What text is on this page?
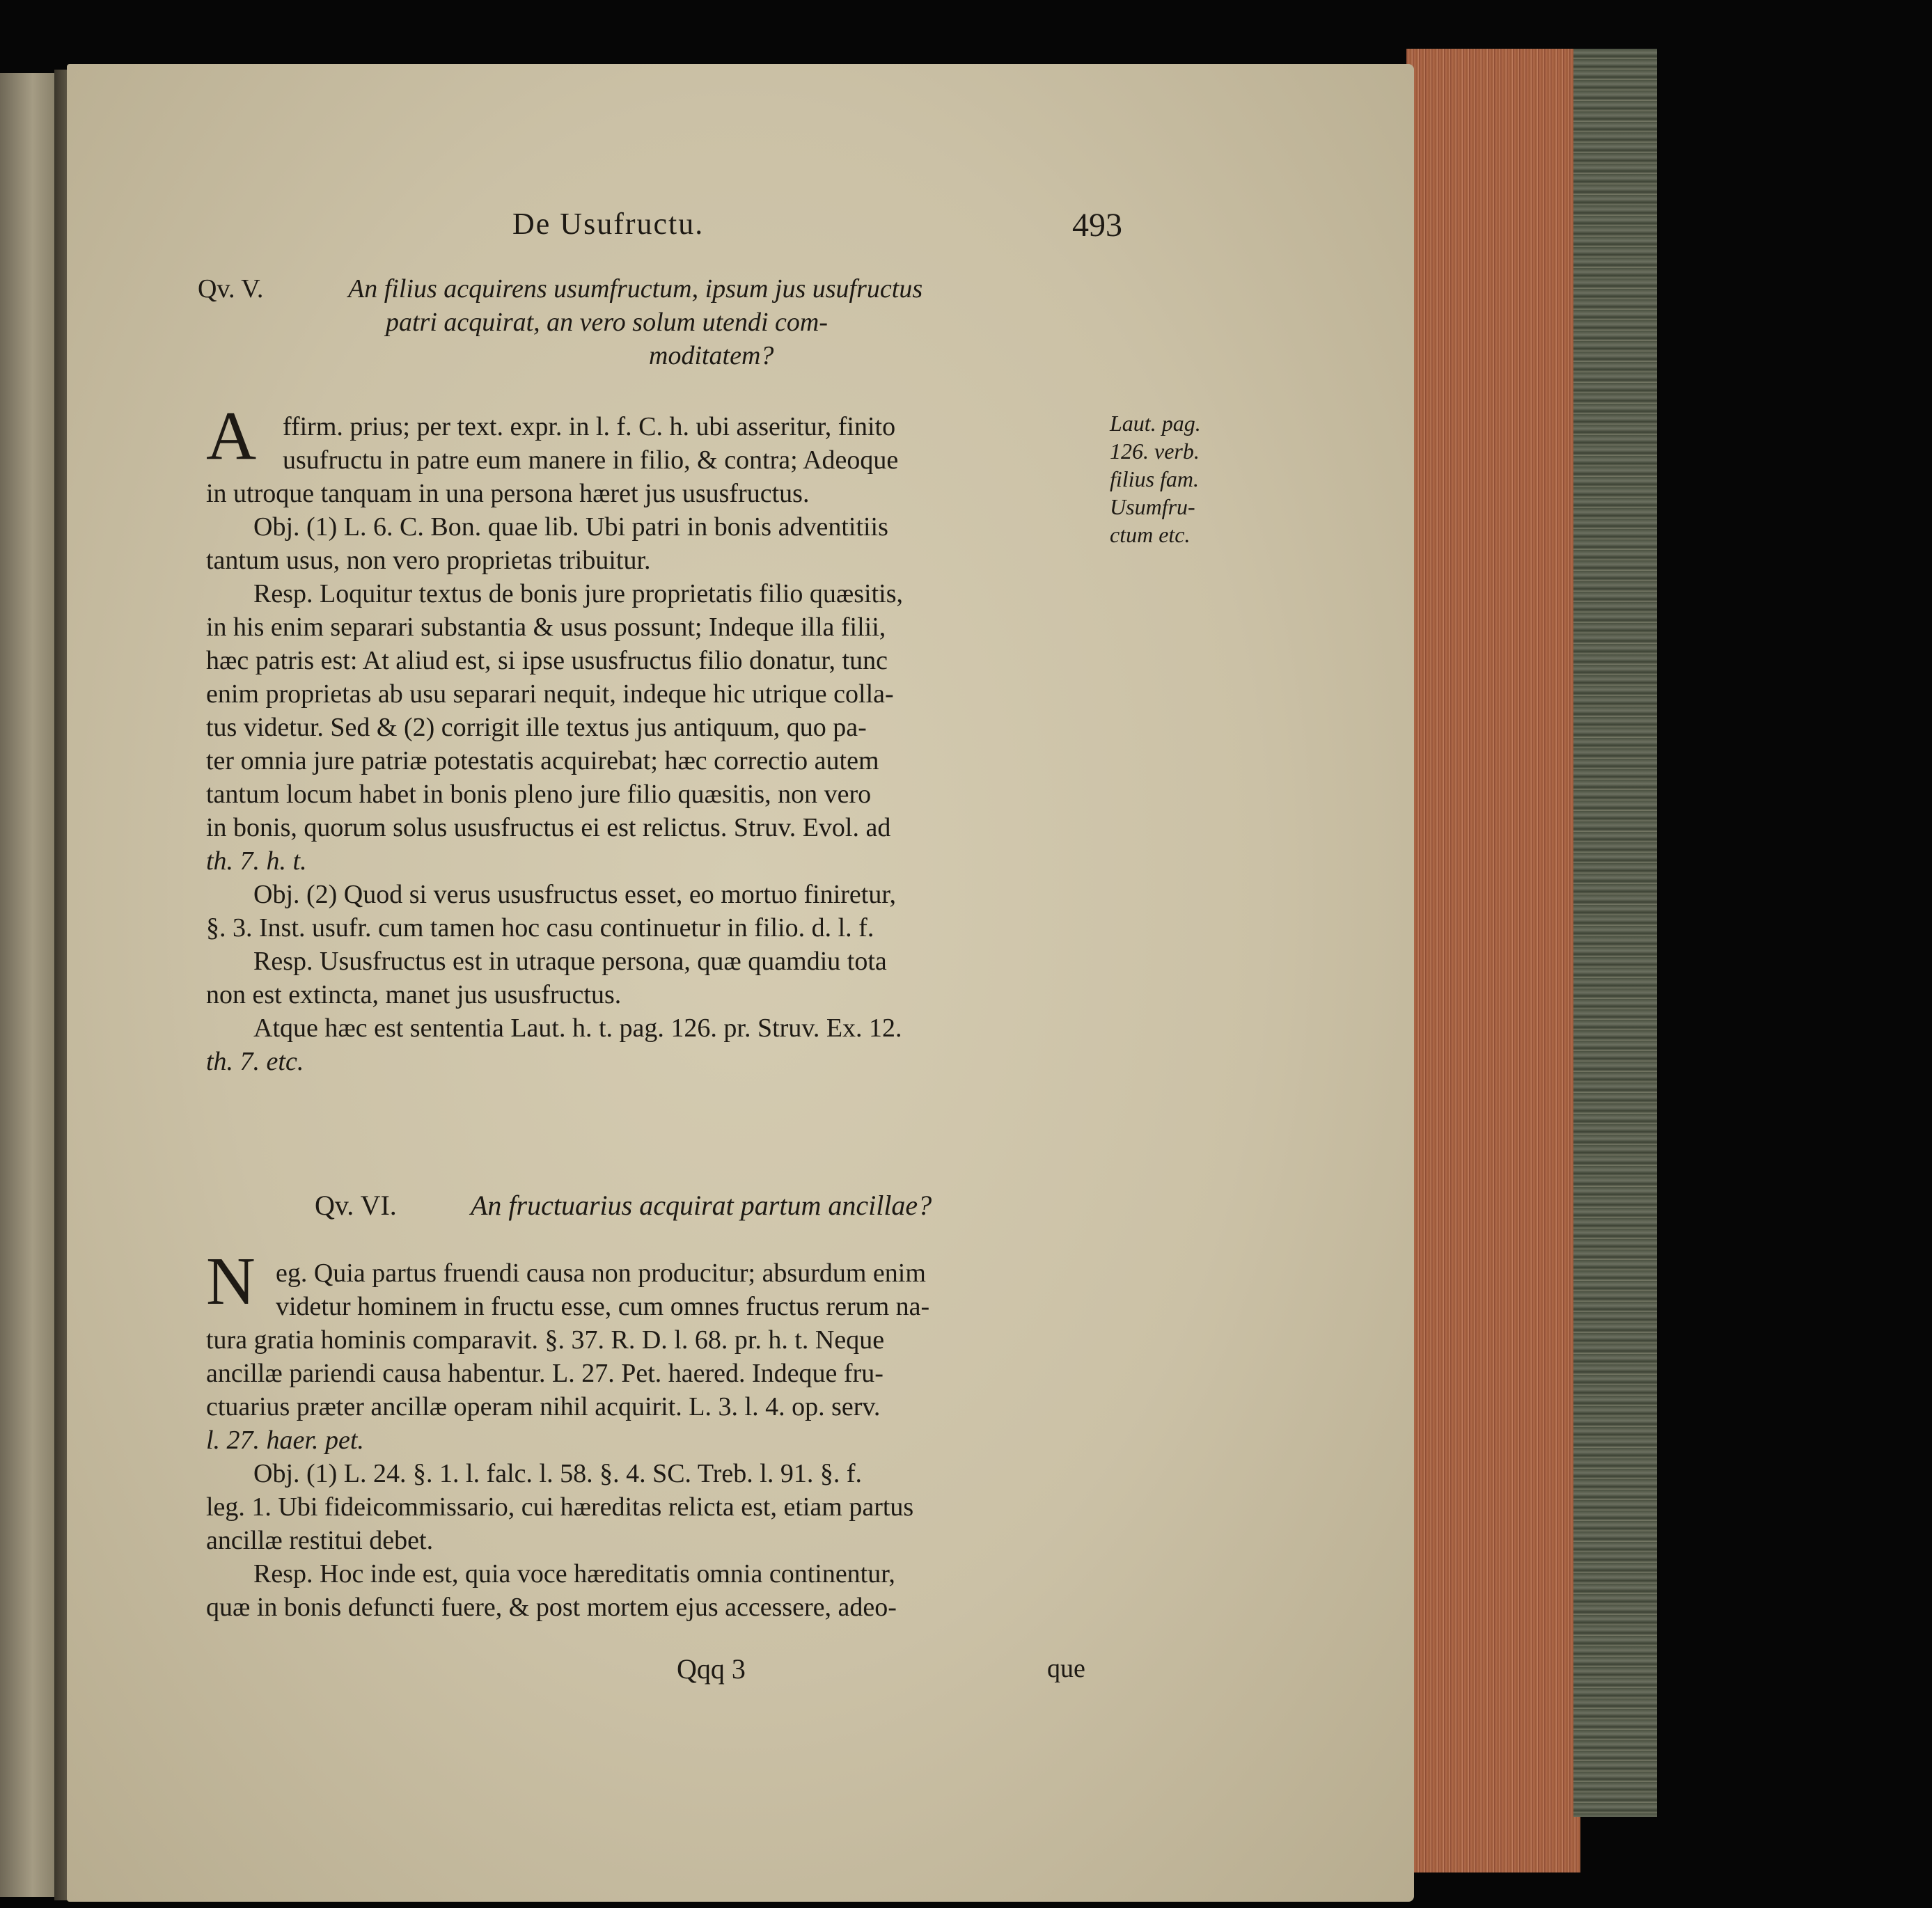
De Usufructu.	493
Qv. V.	An filius acquirens usumfructum, ipsum jus usufructus
patri acquirat, an vero solum utendi com-
moditatem?
A ffirm. prius; per text. expr. in l. f. C. h. ubi asseritur, finito
usufructu in patre eum manere in filio, & contra; Adeoque
in utroque tanquam in una persona hæret jus ususfructus.
Obj. (1) L. 6. C. Bon. quae lib. Ubi patri in bonis adventitiis
tantum usus, non vero proprietas tribuitur.
Resp. Loquitur textus de bonis jure proprietatis filio quæsitis,
in his enim separari substantia & usus possunt; Indeque illa filii,
hæc patris est: At aliud est, si ipse ususfructus filio donatur, tunc
enim proprietas ab usu separari nequit, indeque hic utrique colla-
tus videtur. Sed & (2) corrigit ille textus jus antiquum, quo pa-
ter omnia jure patriæ potestatis acquirebat; hæc correctio autem
tantum locum habet in bonis pleno jure filio quæsitis, non vero
in bonis, quorum solus ususfructus ei est relictus. Struv. Evol. ad
th. 7. h. t.
Obj. (2) Quod si verus ususfructus esset, eo mortuo finiretur,
§. 3. Inst. usufr. cum tamen hoc casu continuetur in filio. d. l. f.
Resp. Ususfructus est in utraque persona, quæ quamdiu tota
non est extincta, manet jus ususfructus.
Atque hæc est sententia Laut. h. t. pag. 126. pr. Struv. Ex. 12.
th. 7. etc.
Laut. pag.
126. verb.
filius fam.
Usumfru-
ctum etc.
Qv. VI.	An fructuarius acquirat partum ancillae?
N eg. Quia partus fruendi causa non producitur; absurdum enim
videtur hominem in fructu esse, cum omnes fructus rerum na-
tura gratia hominis comparavit. §. 37. R. D. l. 68. pr. h. t. Neque
ancillæ pariendi causa habentur. L. 27. Pet. haered. Indeque fru-
ctuarius præter ancillæ operam nihil acquirit. L. 3. l. 4. op. serv.
l. 27. haer. pet.
Obj. (1) L. 24. §. 1. l. falc. l. 58. §. 4. SC. Treb. l. 91. §. f.
leg. 1. Ubi fideicommissario, cui hæreditas relicta est, etiam partus
ancillæ restitui debet.
Resp. Hoc inde est, quia voce hæreditatis omnia continentur,
quæ in bonis defuncti fuere, & post mortem ejus accessere, adeo-
Qqq 3	que
